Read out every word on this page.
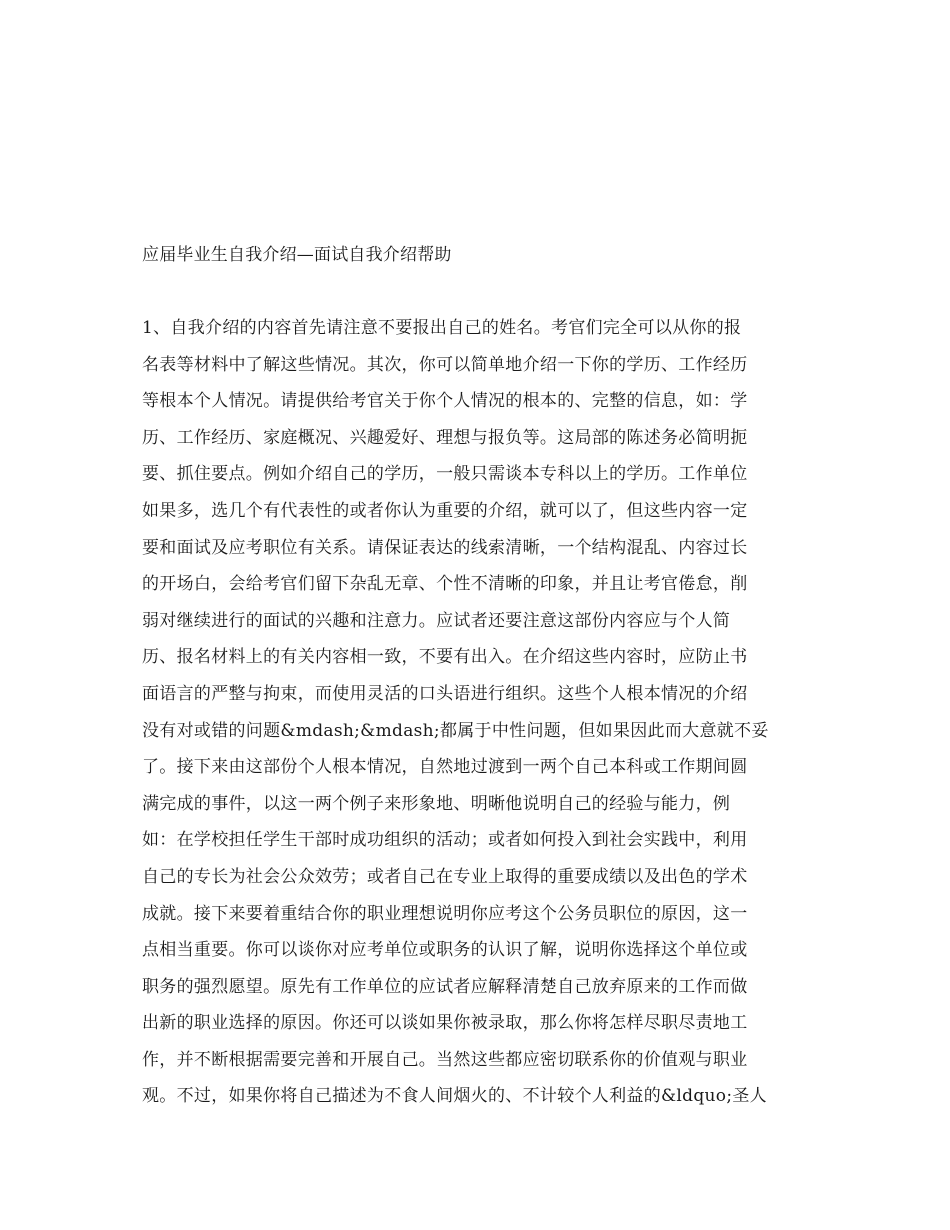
应届毕业生自我介绍—面试自我介绍帮助
1、自我介绍的内容首先请注意不要报出自己的姓名。考官们完全可以从你的报
名表等材料中了解这些情况。其次，你可以简单地介绍一下你的学历、工作经历
等根本个人情况。请提供给考官关于你个人情况的根本的、完整的信息，如：学
历、工作经历、家庭概况、兴趣爱好、理想与报负等。这局部的陈述务必简明扼
要、抓住要点。例如介绍自己的学历，一般只需谈本专科以上的学历。工作单位
如果多，选几个有代表性的或者你认为重要的介绍，就可以了，但这些内容一定
要和面试及应考职位有关系。请保证表达的线索清晰，一个结构混乱、内容过长
的开场白，会给考官们留下杂乱无章、个性不清晰的印象，并且让考官倦怠，削
弱对继续进行的面试的兴趣和注意力。应试者还要注意这部份内容应与个人简
历、报名材料上的有关内容相一致，不要有出入。在介绍这些内容时，应防止书
面语言的严整与拘束，而使用灵活的口头语进行组织。这些个人根本情况的介绍
没有对或错的问题&mdash;&mdash;都属于中性问题，但如果因此而大意就不妥
了。接下来由这部份个人根本情况，自然地过渡到一两个自己本科或工作期间圆
满完成的事件，以这一两个例子来形象地、明晰他说明自己的经验与能力，例
如：在学校担任学生干部时成功组织的活动；或者如何投入到社会实践中，利用
自己的专长为社会公众效劳；或者自己在专业上取得的重要成绩以及出色的学术
成就。接下来要着重结合你的职业理想说明你应考这个公务员职位的原因，这一
点相当重要。你可以谈你对应考单位或职务的认识了解，说明你选择这个单位或
职务的强烈愿望。原先有工作单位的应试者应解释清楚自己放弃原来的工作而做
出新的职业选择的原因。你还可以谈如果你被录取，那么你将怎样尽职尽责地工
作，并不断根据需要完善和开展自己。当然这些都应密切联系你的价值观与职业
观。不过，如果你将自己描述为不食人间烟火的、不计较个人利益的&ldquo;圣人
